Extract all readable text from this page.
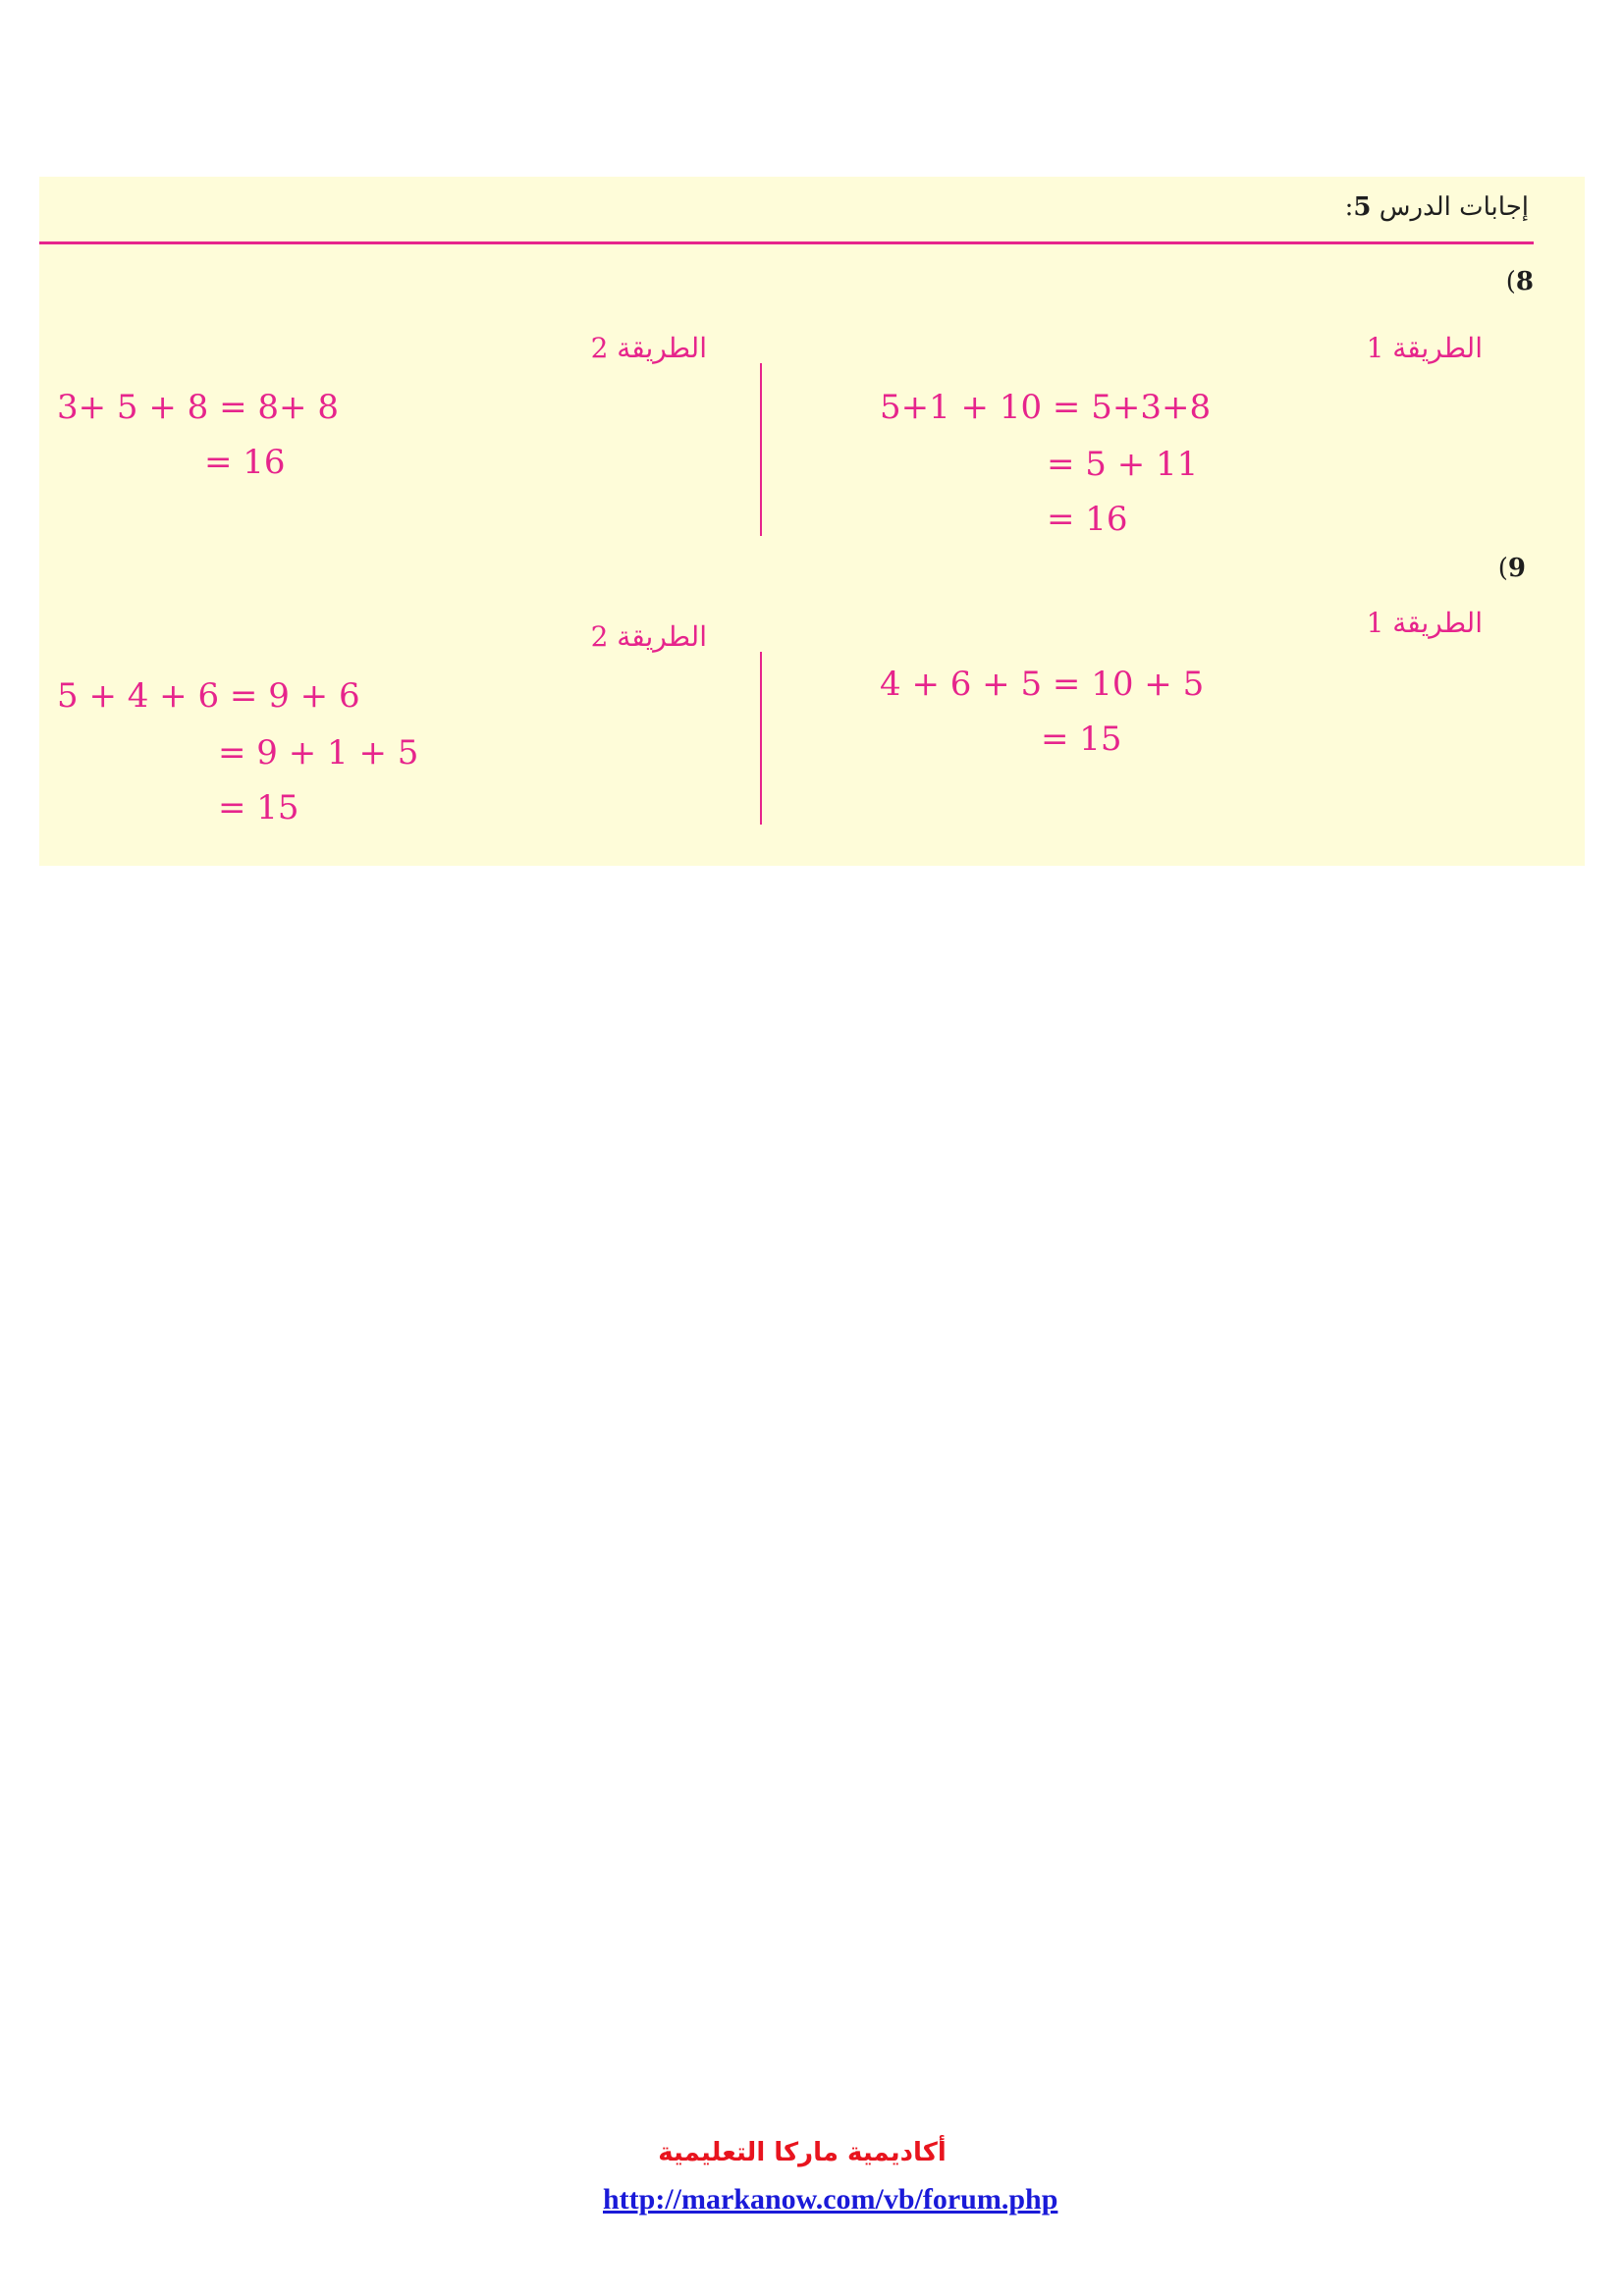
إجابات الدرس 5:
(8
الطريقة 1
الطريقة 2
5+1 + 10 = 5+3+8
= 5 + 11
= 16
3+ 5 + 8 = 8+ 8
= 16
(9
الطريقة 1
الطريقة 2
4 + 6 + 5 = 10 + 5
= 15
5 + 4 + 6 = 9 + 6
= 9 + 1 + 5
= 15
أكاديمية ماركا التعليمية
http://markanow.com/vb/forum.php
